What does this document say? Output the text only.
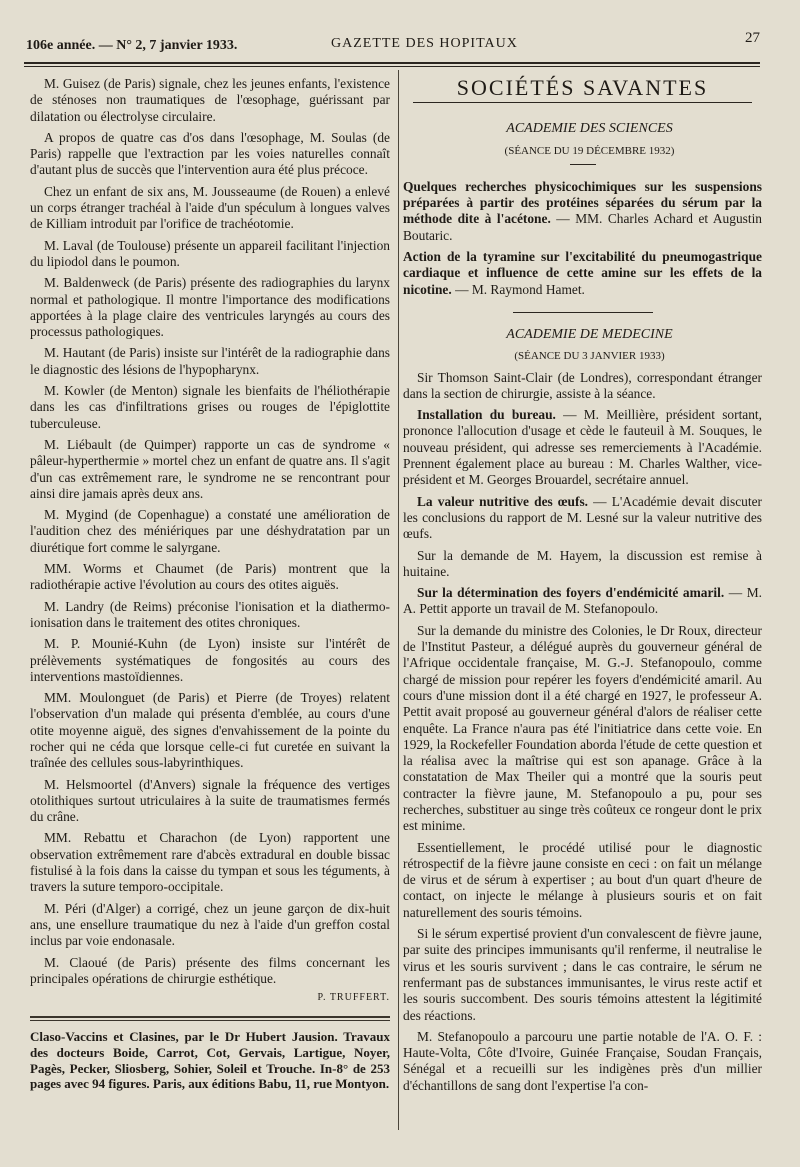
106e année. — N° 2, 7 janvier 1933.	GAZETTE DES HOPITAUX	27

M. Guisez (de Paris) signale, chez les jeunes enfants, l'existence de sténoses non traumatiques de l'œsophage, guérissant par dilatation ou électrolyse circulaire.

A propos de quatre cas d'os dans l'œsophage, M. Soulas (de Paris) rappelle que l'extraction par les voies naturelles connaît d'autant plus de succès que l'intervention aura été plus précoce.

Chez un enfant de six ans, M. Jousseaume (de Rouen) a enlevé un corps étranger trachéal à l'aide d'un spéculum à longues valves de Killiam introduit par l'orifice de trachéotomie.

M. Laval (de Toulouse) présente un appareil facilitant l'injection du lipiodol dans le poumon.

M. Baldenweck (de Paris) présente des radiographies du larynx normal et pathologique. Il montre l'importance des modifications apportées à la plage claire des ventricules laryngés au cours des processus pathologiques.

M. Hautant (de Paris) insiste sur l'intérêt de la radiographie dans le diagnostic des lésions de l'hypopharynx.

M. Kowler (de Menton) signale les bienfaits de l'héliothérapie dans les cas d'infiltrations grises ou rouges de l'épiglottite tuberculeuse.

M. Liébault (de Quimper) rapporte un cas de syndrome « pâleur-hyperthermie » mortel chez un enfant de quatre ans. Il s'agit d'un cas extrêmement rare, le syndrome ne se rencontrant pour ainsi dire jamais après deux ans.

M. Mygind (de Copenhague) a constaté une amélioration de l'audition chez des méniériques par une déshydratation par un diurétique fort comme le salyrgane.

MM. Worms et Chaumet (de Paris) montrent que la radiothérapie active l'évolution au cours des otites aiguës.

M. Landry (de Reims) préconise l'ionisation et la diathermo-ionisation dans le traitement des otites chroniques.

M. P. Mounié-Kuhn (de Lyon) insiste sur l'intérêt de prélèvements systématiques de fongosités au cours des interventions mastoïdiennes.

MM. Moulonguet (de Paris) et Pierre (de Troyes) relatent l'observation d'un malade qui présenta d'emblée, au cours d'une otite moyenne aiguë, des signes d'envahissement de la pointe du rocher qui ne céda que lorsque celle-ci fut curetée en suivant la traînée des cellules sous-labyrinthiques.

M. Helsmoortel (d'Anvers) signale la fréquence des vertiges otolithiques surtout utriculaires à la suite de traumatismes fermés du crâne.

MM. Rebattu et Charachon (de Lyon) rapportent une observation extrêmement rare d'abcès extradural en double bissac fistulisé à la fois dans la caisse du tympan et sous les téguments, à travers la suture temporo-occipitale.

M. Péri (d'Alger) a corrigé, chez un jeune garçon de dix-huit ans, une ensellure traumatique du nez à l'aide d'un greffon costal inclus par voie endonasale.

M. Claoué (de Paris) présente des films concernant les principales opérations de chirurgie esthétique.

P. TRUFFERT.

Claso-Vaccins et Clasines, par le Dr Hubert Jausion. Travaux des docteurs Boide, Carrot, Cot, Gervais, Lartigue, Noyer, Pagès, Pecker, Sliosberg, Sohier, Soleil et Trouche. In-8° de 253 pages avec 94 figures. Paris, aux éditions Babu, 11, rue Montyon.

SOCIÉTÉS SAVANTES

ACADEMIE DES SCIENCES

(SÉANCE DU 19 DÉCEMBRE 1932)

Quelques recherches physicochimiques sur les suspensions préparées à partir des protéines séparées du sérum par la méthode dite à l'acétone. — MM. Charles Achard et Augustin Boutaric.

Action de la tyramine sur l'excitabilité du pneumogastrique cardiaque et influence de cette amine sur les effets de la nicotine. — M. Raymond Hamet.

ACADEMIE DE MEDECINE

(SÉANCE DU 3 JANVIER 1933)

Sir Thomson Saint-Clair (de Londres), correspondant étranger dans la section de chirurgie, assiste à la séance.

Installation du bureau. — M. Meillière, président sortant, prononce l'allocution d'usage et cède le fauteuil à M. Souques, le nouveau président, qui adresse ses remerciements à l'Académie. Prennent également place au bureau : M. Charles Walther, vice-président et M. Georges Brouardel, secrétaire annuel.

La valeur nutritive des œufs. — L'Académie devait discuter les conclusions du rapport de M. Lesné sur la valeur nutritive des œufs.

Sur la demande de M. Hayem, la discussion est remise à huitaine.

Sur la détermination des foyers d'endémicité amaril. — M. A. Pettit apporte un travail de M. Stefanopoulo.

Sur la demande du ministre des Colonies, le Dr Roux, directeur de l'Institut Pasteur, a délégué auprès du gouverneur général de l'Afrique occidentale française, M. G.-J. Stefanopoulo, comme chargé de mission pour repérer les foyers d'endémicité amaril. Au cours d'une mission dont il a été chargé en 1927, le professeur A. Pettit avait proposé au gouverneur général d'alors de réaliser cette enquête. La France n'aura pas été l'initiatrice dans cette voie. En 1929, la Rockefeller Foundation aborda l'étude de cette question et la réalisa avec la maîtrise qui est son apanage. Grâce à la constatation de Max Theiler qui a montré que la souris peut contracter la fièvre jaune, M. Stefanopoulo a pu, pour ses recherches, substituer au singe très coûteux ce rongeur dont le prix est minime.

Essentiellement, le procédé utilisé pour le diagnostic rétrospectif de la fièvre jaune consiste en ceci : on fait un mélange de virus et de sérum à expertiser ; au bout d'un quart d'heure de contact, on injecte le mélange à plusieurs souris et on fait naturellement des souris témoins.

Si le sérum expertisé provient d'un convalescent de fièvre jaune, par suite des principes immunisants qu'il renferme, il neutralise le virus et les souris survivent ; dans le cas contraire, le sérum ne renfermant pas de substances immunisantes, le virus reste actif et les souris succombent. Des souris témoins attestent la légitimité des réactions.

M. Stefanopoulo a parcouru une partie notable de l'A. O. F. : Haute-Volta, Côte d'Ivoire, Guinée Française, Soudan Français, Sénégal et a recueilli sur les indigènes près d'un millier d'échantillons de sang dont l'expertise l'a con-
